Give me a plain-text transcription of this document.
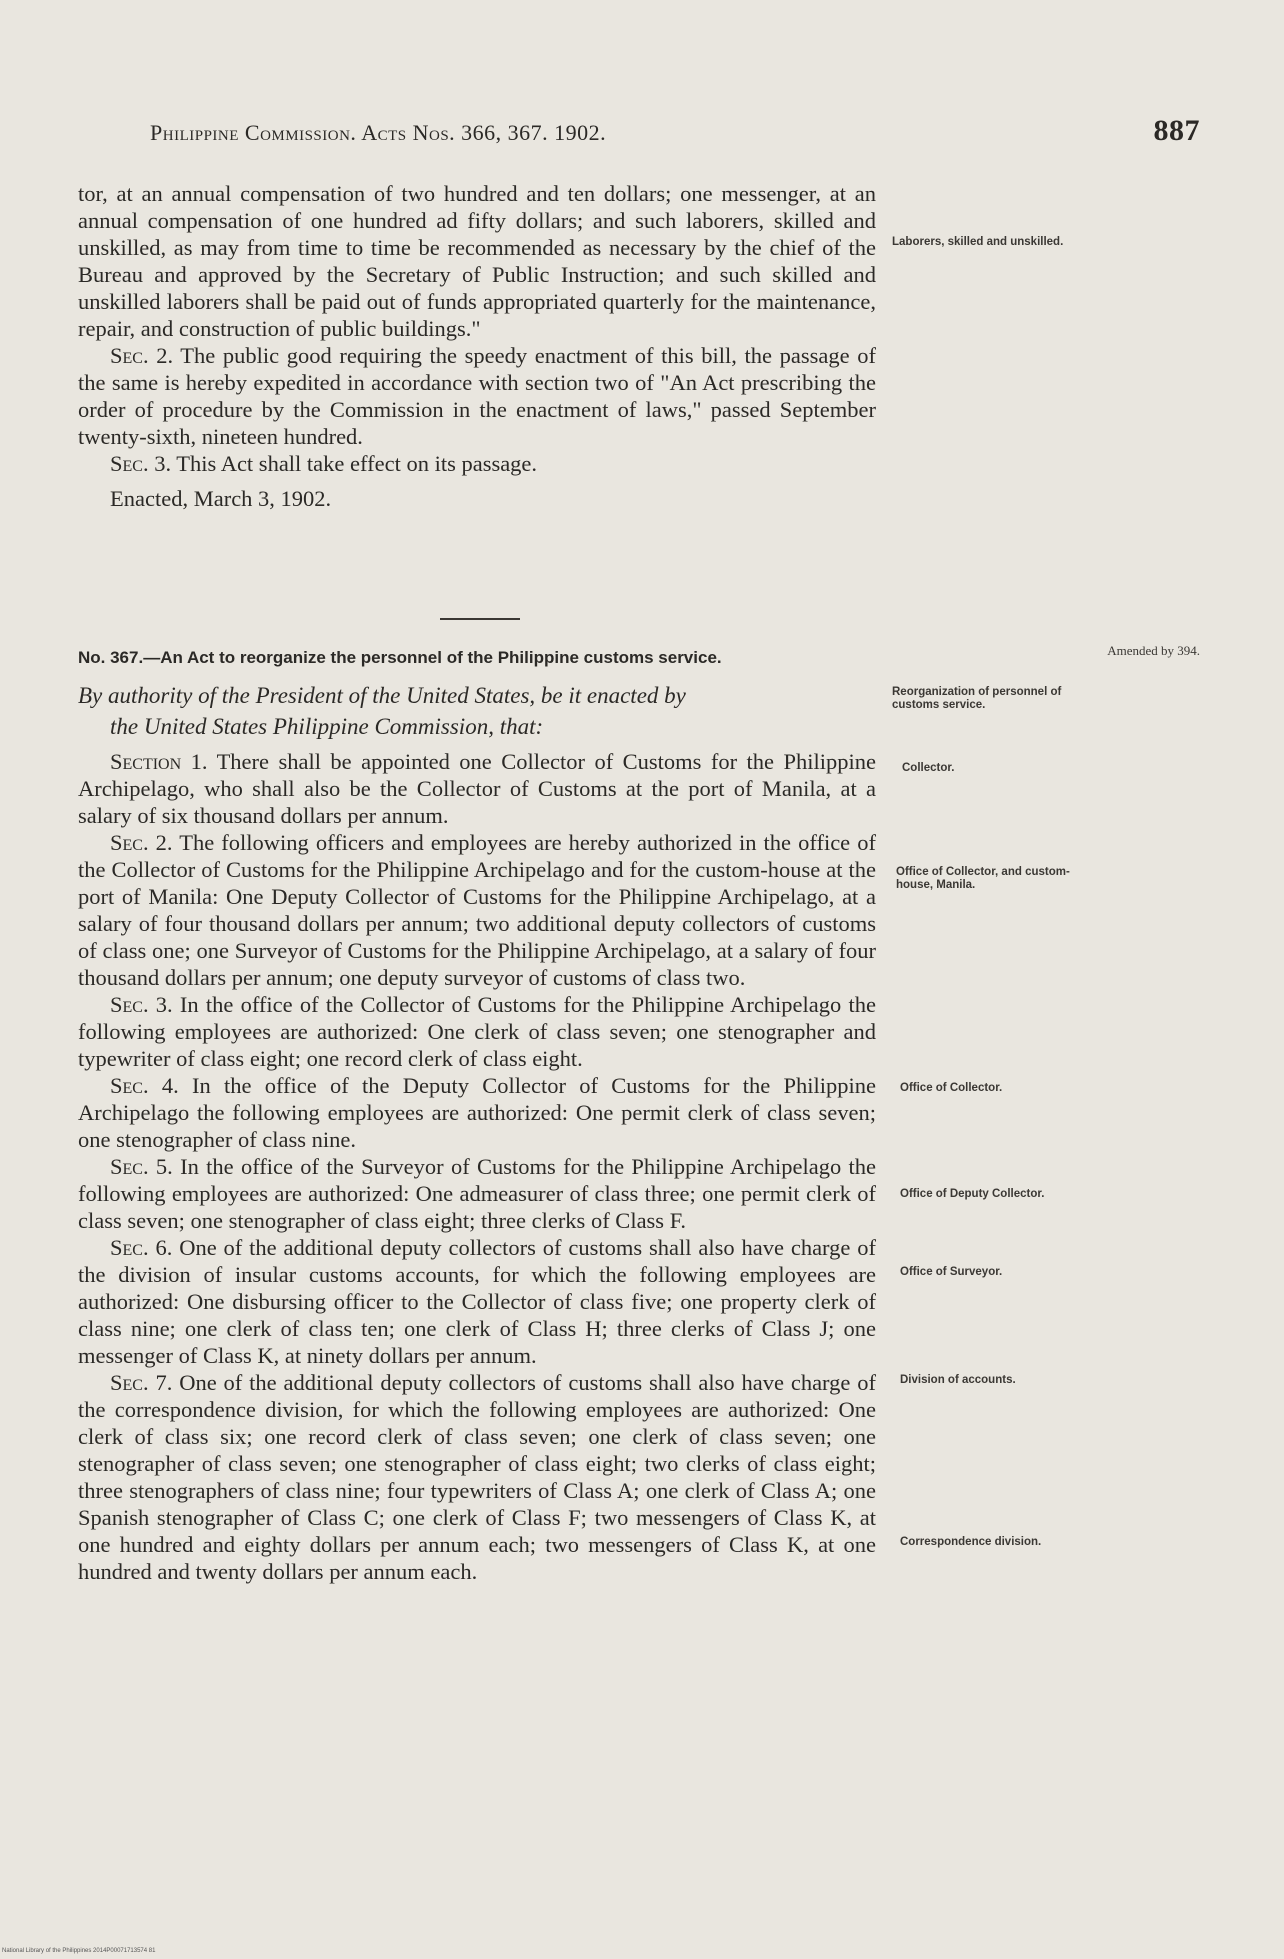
Philippine Commission. Acts Nos. 366, 367. 1902.	887

tor, at an annual compensation of two hundred and ten dollars; one messenger, at an annual compensation of one hundred ad fifty dollars; and such laborers, skilled and unskilled, as may from time to time be recommended as necessary by the chief of the Bureau and approved by the Secretary of Public Instruction; and such skilled and unskilled laborers shall be paid out of funds appropriated quarterly for the maintenance, repair, and construction of public buildings."

Sec. 2. The public good requiring the speedy enactment of this bill, the passage of the same is hereby expedited in accordance with section two of "An Act prescribing the order of procedure by the Commission in the enactment of laws," passed September twenty-sixth, nineteen hundred.

Sec. 3. This Act shall take effect on its passage.

Enacted, March 3, 1902.

No. 367.—An Act to reorganize the personnel of the Philippine customs service.
By authority of the President of the United States, be it enacted by
the United States Philippine Commission, that:

Section 1. There shall be appointed one Collector of Customs for the Philippine Archipelago, who shall also be the Collector of Customs at the port of Manila, at a salary of six thousand dollars per annum.

Sec. 2. The following officers and employees are hereby authorized in the office of the Collector of Customs for the Philippine Archipelago and for the custom-house at the port of Manila: One Deputy Collector of Customs for the Philippine Archipelago, at a salary of four thousand dollars per annum; two additional deputy collectors of customs of class one; one Surveyor of Customs for the Philippine Archipelago, at a salary of four thousand dollars per annum; one deputy surveyor of customs of class two.

Sec. 3. In the office of the Collector of Customs for the Philippine Archipelago the following employees are authorized: One clerk of class seven; one stenographer and typewriter of class eight; one record clerk of class eight.

Sec. 4. In the office of the Deputy Collector of Customs for the Philippine Archipelago the following employees are authorized: One permit clerk of class seven; one stenographer of class nine.

Sec. 5. In the office of the Surveyor of Customs for the Philippine Archipelago the following employees are authorized: One admeasurer of class three; one permit clerk of class seven; one stenographer of class eight; three clerks of Class F.

Sec. 6. One of the additional deputy collectors of customs shall also have charge of the division of insular customs accounts, for which the following employees are authorized: One disbursing officer to the Collector of class five; one property clerk of class nine; one clerk of class ten; one clerk of Class H; three clerks of Class J; one messenger of Class K, at ninety dollars per annum.

Sec. 7. One of the additional deputy collectors of customs shall also have charge of the correspondence division, for which the following employees are authorized: One clerk of class six; one record clerk of class seven; one clerk of class seven; one stenographer of class seven; one stenographer of class eight; two clerks of class eight; three stenographers of class nine; four typewriters of Class A; one clerk of Class A; one Spanish stenographer of Class C; one clerk of Class F; two messengers of Class K, at one hundred and eighty dollars per annum each; two messengers of Class K, at one hundred and twenty dollars per annum each.

Laborers, skilled and unskilled.
Amended by 394.
Reorganization of personnel of customs service.
Collector.
Office of Collector, and custom-house, Manila.
Office of Collector.
Office of Deputy Collector.
Office of Surveyor.
Division of accounts.
Correspondence division.
National Library of the Philippines 2014P00071713574 81
